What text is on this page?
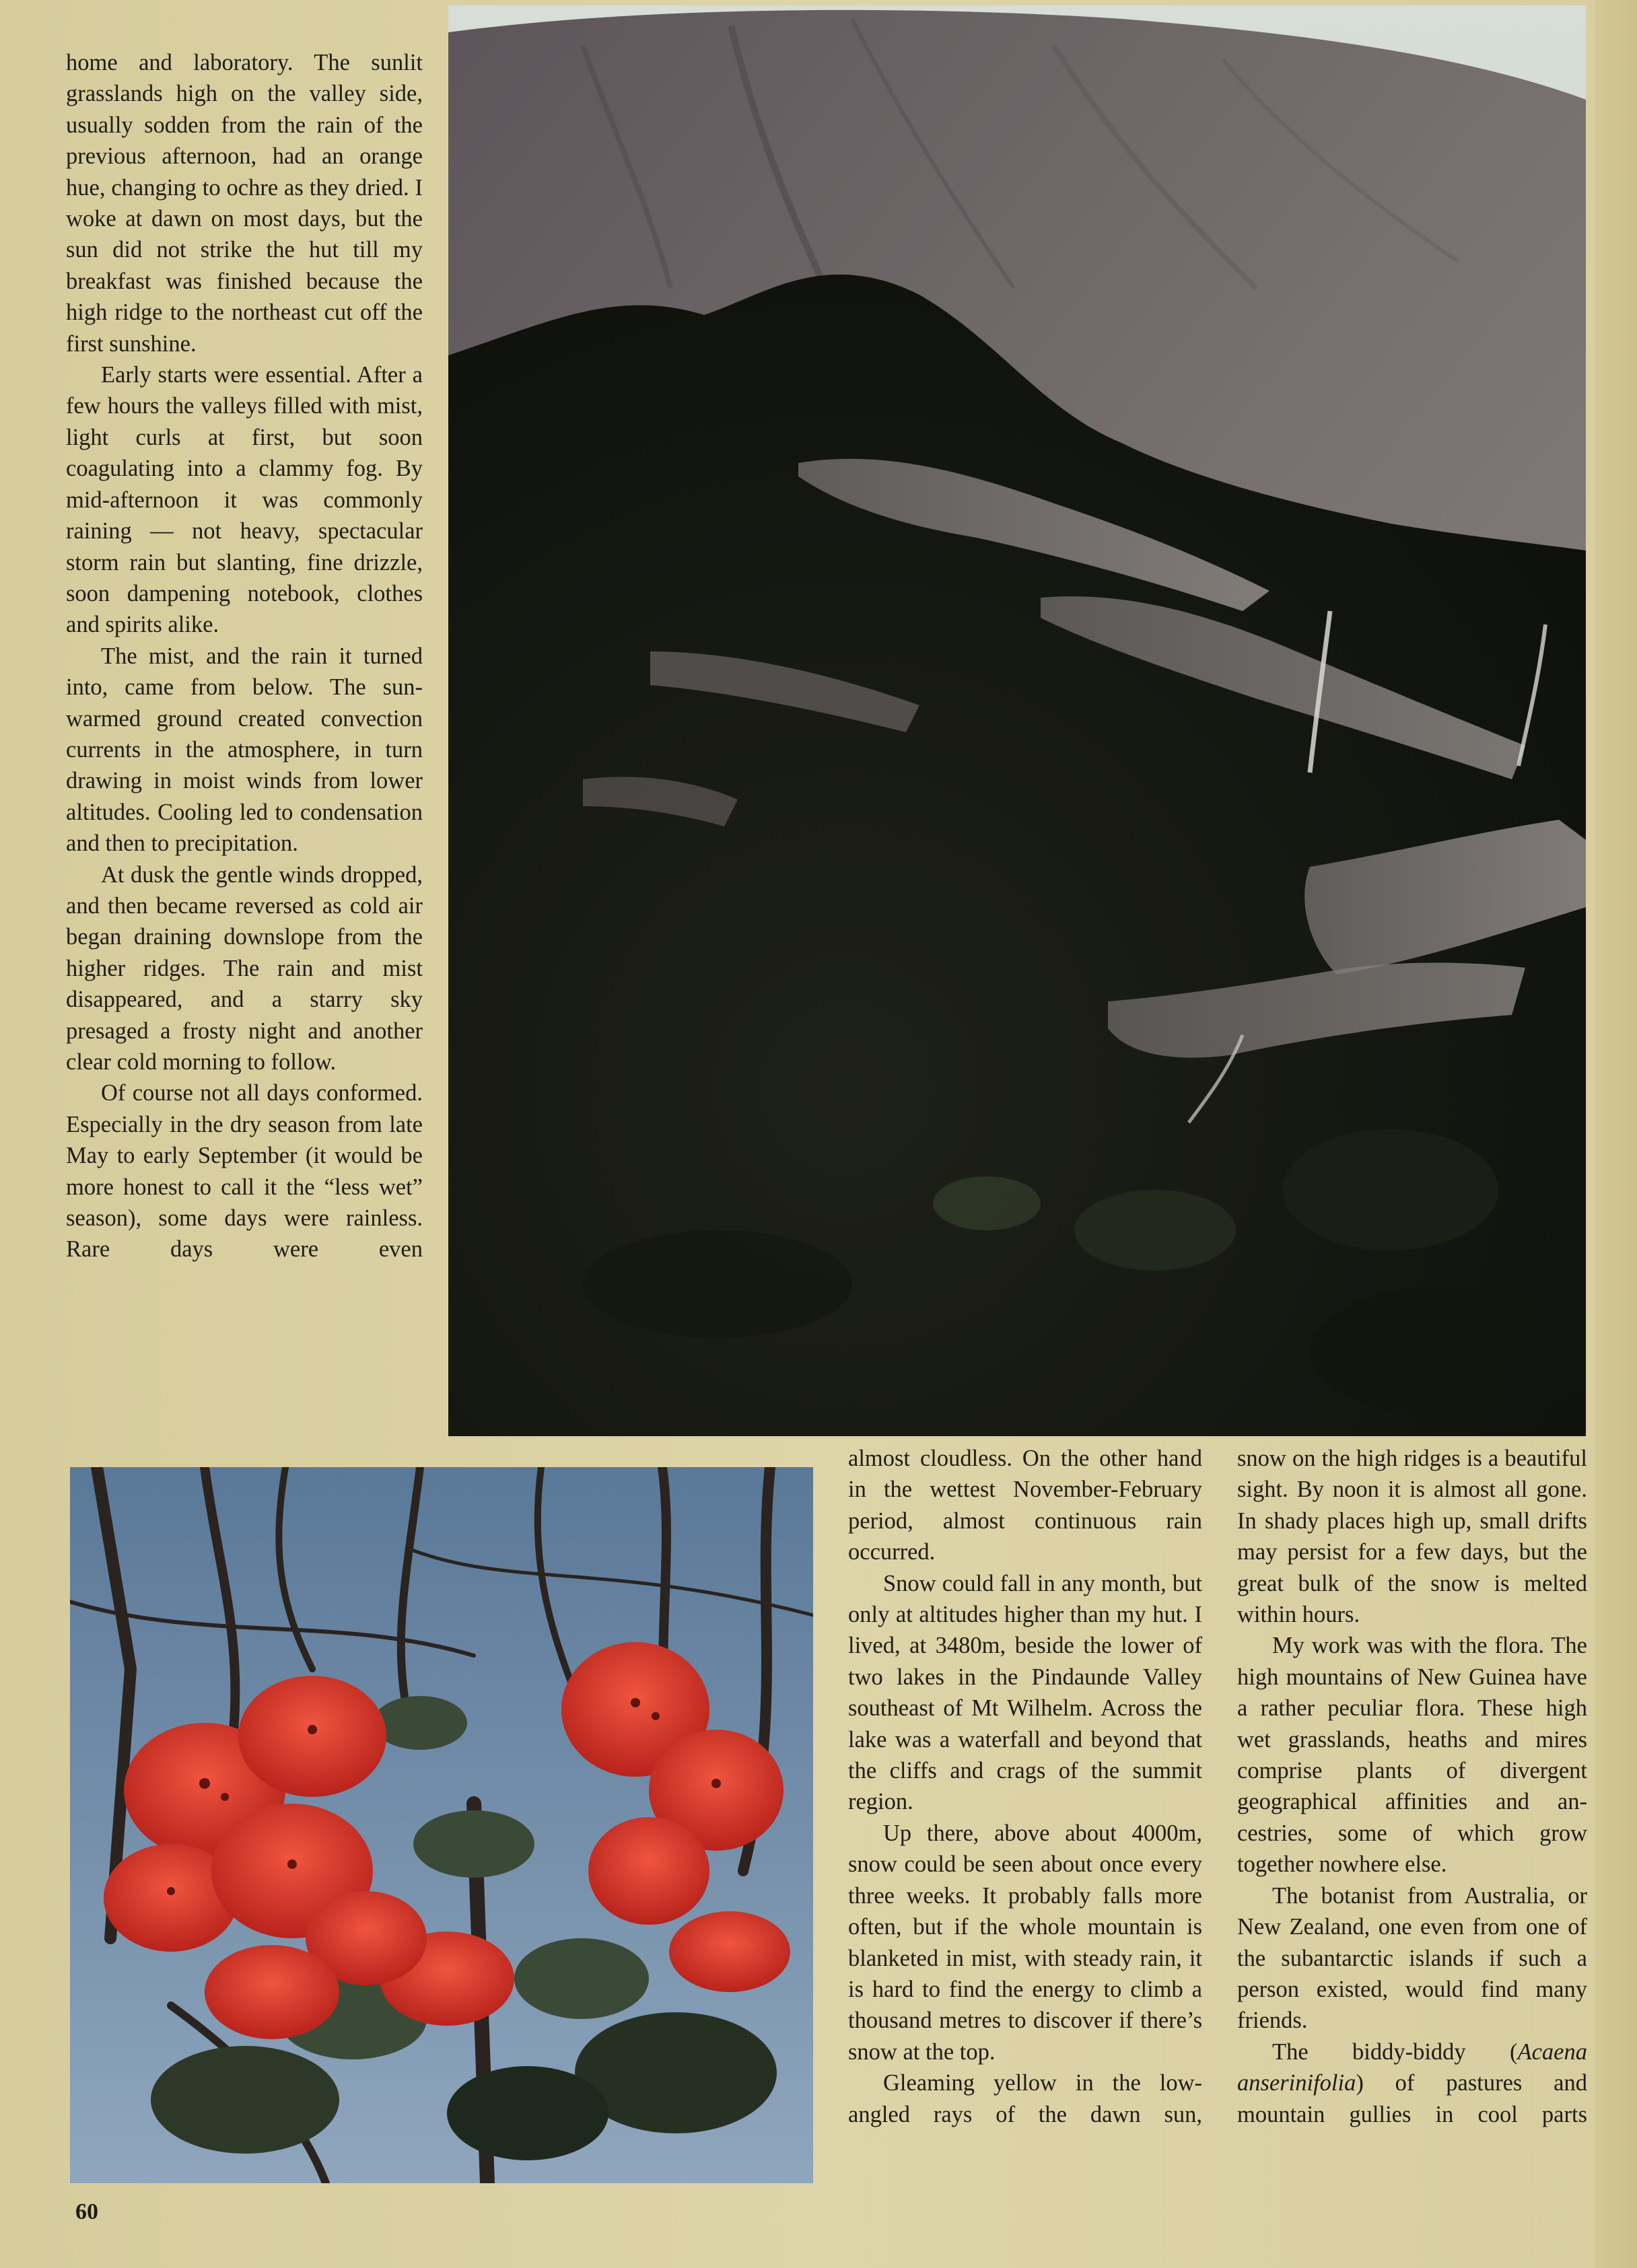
home and laboratory. The sunlit grasslands high on the valley side, usually sodden from the rain of the previous afternoon, had an orange hue, changing to ochre as they dried. I woke at dawn on most days, but the sun did not strike the hut till my breakfast was finished because the high ridge to the northeast cut off the first sunshine.

Early starts were essential. After a few hours the valleys filled with mist, light curls at first, but soon coagulating into a clammy fog. By mid-afternoon it was commonly raining — not heavy, spectacular storm rain but slanting, fine drizzle, soon dampening notebook, clothes and spirits alike.

The mist, and the rain it turned into, came from below. The sun-warmed ground created convection currents in the atmosphere, in turn drawing in moist winds from lower altitudes. Cooling led to condensation and then to precipitation.

At dusk the gentle winds dropped, and then became reversed as cold air began draining downslope from the higher ridges. The rain and mist disappeared, and a starry sky presaged a frosty night and another clear cold morning to follow.

Of course not all days conformed. Especially in the dry season from late May to early September (it would be more honest to call it the “less wet” season), some days were rainless. Rare days were even

almost cloudless. On the other hand in the wettest November-February period, almost continuous rain occurred.

Snow could fall in any month, but only at altitudes higher than my hut. I lived, at 3480m, beside the lower of two lakes in the Pindaunde Valley southeast of Mt Wilhelm. Across the lake was a waterfall and beyond that the cliffs and crags of the summit region.

Up there, above about 4000m, snow could be seen about once every three weeks. It probably falls more often, but if the whole mountain is blanketed in mist, with steady rain, it is hard to find the energy to climb a thousand metres to discover if there’s snow at the top.

Gleaming yellow in the low-angled rays of the dawn sun,

snow on the high ridges is a beautiful sight. By noon it is almost all gone. In shady places high up, small drifts may persist for a few days, but the great bulk of the snow is melted within hours.

My work was with the flora. The high mountains of New Guinea have a rather peculiar flora. These high wet grasslands, heaths and mires comprise plants of divergent geographical affinities and ancestries, some of which grow together nowhere else.

The botanist from Australia, or New Zealand, one even from one of the subantarctic islands if such a person existed, would find many friends.

The biddy-biddy (Acaena anserinifolia) of pastures and mountain gullies in cool parts

60
